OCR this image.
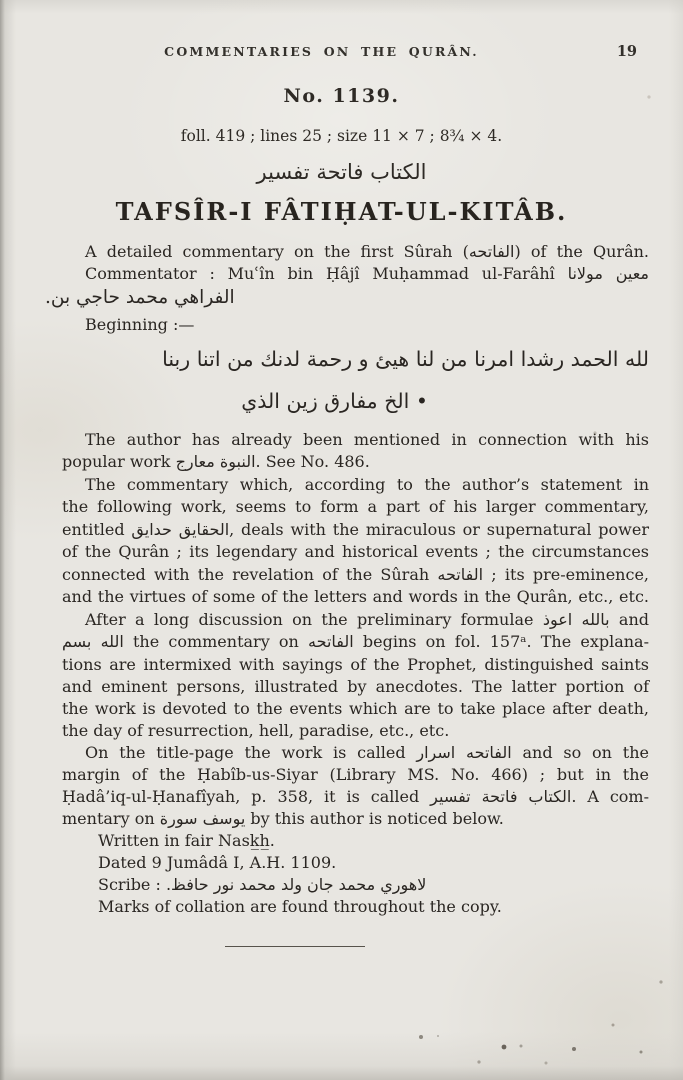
COMMENTARIES ON THE QURÂN.	19
No. 1139.
foll. 419 ; lines 25 ; size 11 × 7 ; 8¾ × 4.
تفسير‎ فاتحة‎ الكتاب
TAFSÎR-I FÂTIḤAT-UL-KITÂB.
A detailed commentary on the first Sûrah (الفاتحه) of the Qurân.
Commentator : Muʿîn bin Ḥâjî Muḥammad ul-Farâhî مولانا‎ معين
.بن‎ حاجي‎ محمد‎ الفراهي
Beginning :—
ربنا‎ اتنا‎ من‎ لدنك‎ رحمة‎ و‎ هيئ‎ لنا‎ من‎ امرنا‎ رشدا‎ الحمد‎ لله
الذي‎ زين‎ مفارق‎ الخ‎ •
The author has already been mentioned in connection with his
popular work معارج‎ النبوة. See No. 486.
The commentary which, according to the author’s statement in
the following work, seems to form a part of his larger commentary,
entitled حدايق‎ الحقايق, deals with the miraculous or supernatural power
of the Qurân ; its legendary and historical events ; the circumstances
connected with the revelation of the Sûrah الفاتحه ; its pre-eminence,
and the virtues of some of the letters and words in the Qurân, etc., etc.
After a long discussion on the preliminary formulae اعوذ‎ بالله and
بسم‎ الله the commentary on الفاتحه begins on fol. 157ᵃ. The explana-
tions are intermixed with sayings of the Prophet, distinguished saints
and eminent persons, illustrated by anecdotes. The latter portion of
the work is devoted to the events which are to take place after death,
the day of resurrection, hell, paradise, etc., etc.
On the title-page the work is called اسرار‎ الفاتحه and so on the
margin of the Ḥabîb-us-Siyar (Library MS. No. 466) ; but in the
Ḥadâ’iq-ul-Ḥanafîyah, p. 358, it is called تفسير‎ فاتحة‎ الكتاب. A com-
mentary on سورة‎ يوسف by this author is noticed below.
Written in fair Nask̲h̲.
Dated 9 Jumâdâ I, A.H. 1109.
Scribe : .حافظ‎ نور‎ محمد‎ ولد‎ جان‎ محمد‎ لاهوري
Marks of collation are found throughout the copy.
